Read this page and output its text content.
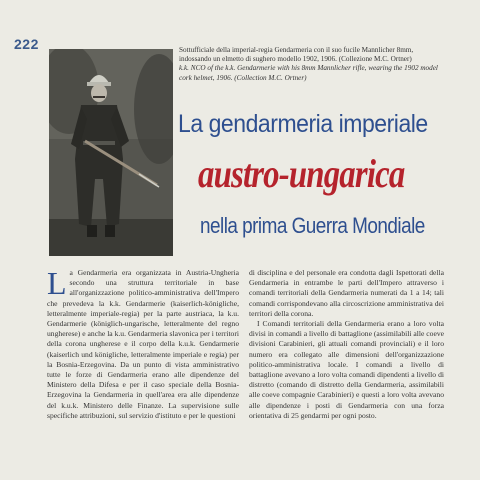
222	Sottufficiale della imperial-regia Gendarmeria con il suo fucile Mannlicher 8mm, indossando un elmetto di sughero modello 1902, 1906. (Collezione M.C. Ortner)
k.k. NCO of the k.k. Gendarmerie with his 8mm Mannlicher rifle, wearing the 1902 model cork helmet, 1906. (Collection M.C. Ortner)
La gendarmeria imperiale
austro-ungarica
nella prima Guerra Mondiale

La Gendarmeria era organizzata in Austria-Ungheria secondo una struttura territoriale in base all'organizzazione politico-amministrativa dell'Impero che prevedeva la k.k. Gendarmerie (kaiserlich-königliche, letteralmente imperiale-regia) per la parte austriaca, la k.u. Gendarmerie (königlich-ungarische, letteralmente del regno ungherese) e anche la k.u. Gendarmeria slavonica per i territori della corona ungherese e il corpo della k.u.k. Gendarmerie (kaiserlich und königliche, letteralmente imperiale e regia) per la Bosnia-Erzegovina. Da un punto di vista amministrativo tutte le forze di Gendarmeria erano alle dipendenze del Ministero della Difesa e per il caso speciale della Bosnia-Erzegovina la Gendarmeria in quell'area era alle dipendenze del k.u.k. Ministero delle Finanze. La supervisione sulle specifiche attribuzioni, sul servizio d'istituto e per le questioni

di disciplina e del personale era condotta dagli Ispettorati della Gendarmeria in entrambe le parti dell'Impero attraverso i comandi territoriali della Gendarmeria numerati da 1 a 14; tali comandi corrispondevano alla circoscrizione amministrativa dei territori della corona.

I Comandi territoriali della Gendarmeria erano a loro volta divisi in comandi a livello di battaglione (assimilabili alle coeve divisioni Carabinieri, gli attuali comandi provinciali) e il loro numero era collegato alle dimensioni dell'organizzazione politico-amministrativa locale. I comandi a livello di battaglione avevano a loro volta comandi dipendenti a livello di distretto (comando di distretto della Gendarmeria, assimilabili alle coeve compagnie Carabinieri) e questi a loro volta avevano alle dipendenze i posti di Gendarmeria con una forza orientativa di 25 gendarmi per ogni posto.
